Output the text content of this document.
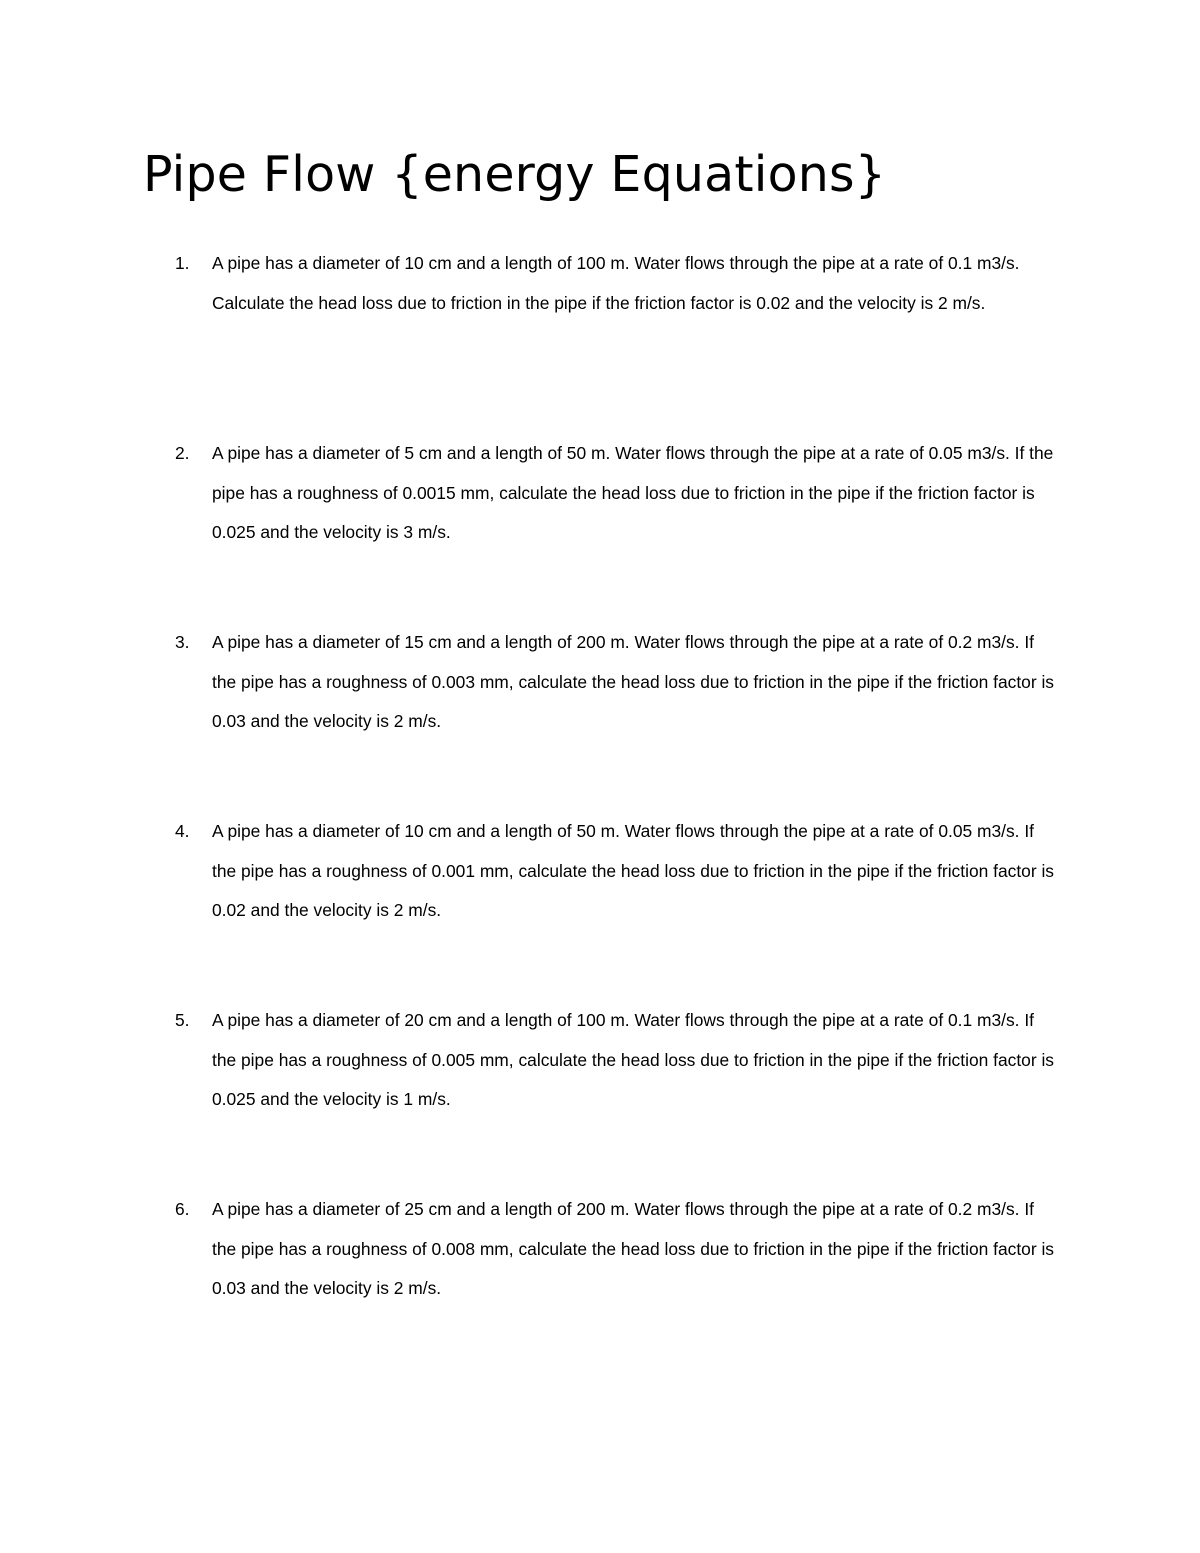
Pipe Flow {energy Equations}
1.	A pipe has a diameter of 10 cm and a length of 100 m. Water flows through the pipe at a rate of 0.1 m3/s. Calculate the head loss due to friction in the pipe if the friction factor is 0.02 and the velocity is 2 m/s.
2.	A pipe has a diameter of 5 cm and a length of 50 m. Water flows through the pipe at a rate of 0.05 m3/s. If the pipe has a roughness of 0.0015 mm, calculate the head loss due to friction in the pipe if the friction factor is 0.025 and the velocity is 3 m/s.
3.	A pipe has a diameter of 15 cm and a length of 200 m. Water flows through the pipe at a rate of 0.2 m3/s. If the pipe has a roughness of 0.003 mm, calculate the head loss due to friction in the pipe if the friction factor is 0.03 and the velocity is 2 m/s.
4.	A pipe has a diameter of 10 cm and a length of 50 m. Water flows through the pipe at a rate of 0.05 m3/s. If the pipe has a roughness of 0.001 mm, calculate the head loss due to friction in the pipe if the friction factor is 0.02 and the velocity is 2 m/s.
5.	A pipe has a diameter of 20 cm and a length of 100 m. Water flows through the pipe at a rate of 0.1 m3/s. If the pipe has a roughness of 0.005 mm, calculate the head loss due to friction in the pipe if the friction factor is 0.025 and the velocity is 1 m/s.
6.	A pipe has a diameter of 25 cm and a length of 200 m. Water flows through the pipe at a rate of 0.2 m3/s. If the pipe has a roughness of 0.008 mm, calculate the head loss due to friction in the pipe if the friction factor is 0.03 and the velocity is 2 m/s.
